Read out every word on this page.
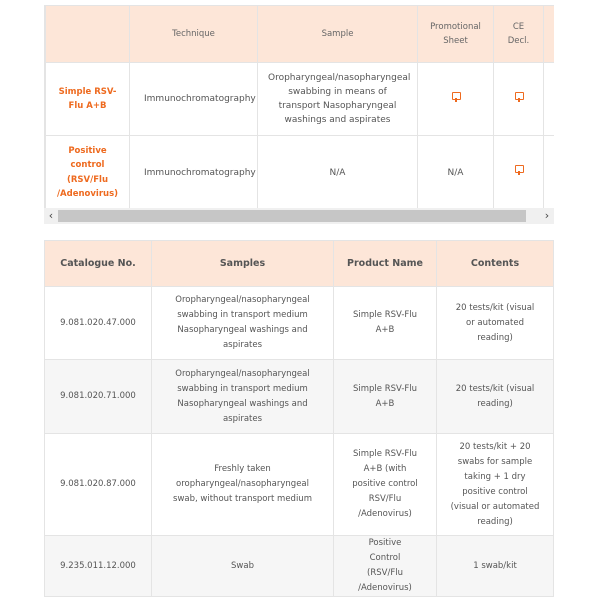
	Technique	Sample	Promotional Sheet	CE Decl.	
Simple RSV-Flu A+B	Immunochromatography	Oropharyngeal/nasopharyngeal swabbing in means of transport Nasopharyngeal washings and aspirates			
Positive control (RSV/Flu /Adenovirus)	Immunochromatography	N/A	N/A		
‹	›
Catalogue No.	Samples	Product Name	Contents
9.081.020.47.000	Oropharyngeal/nasopharyngeal swabbing in transport medium Nasopharyngeal washings and aspirates	Simple RSV-Flu A+B	20 tests/kit (visual or automated reading)
9.081.020.71.000	Oropharyngeal/nasopharyngeal swabbing in transport medium Nasopharyngeal washings and aspirates	Simple RSV-Flu A+B	20 tests/kit (visual reading)
9.081.020.87.000	Freshly taken oropharyngeal/nasopharyngeal swab, without transport medium	Simple RSV-Flu A+B (with positive control RSV/Flu /Adenovirus)	20 tests/kit + 20 swabs for sample taking + 1 dry positive control (visual or automated reading)
9.235.011.12.000	Swab	Positive Control (RSV/Flu /Adenovirus)	1 swab/kit
